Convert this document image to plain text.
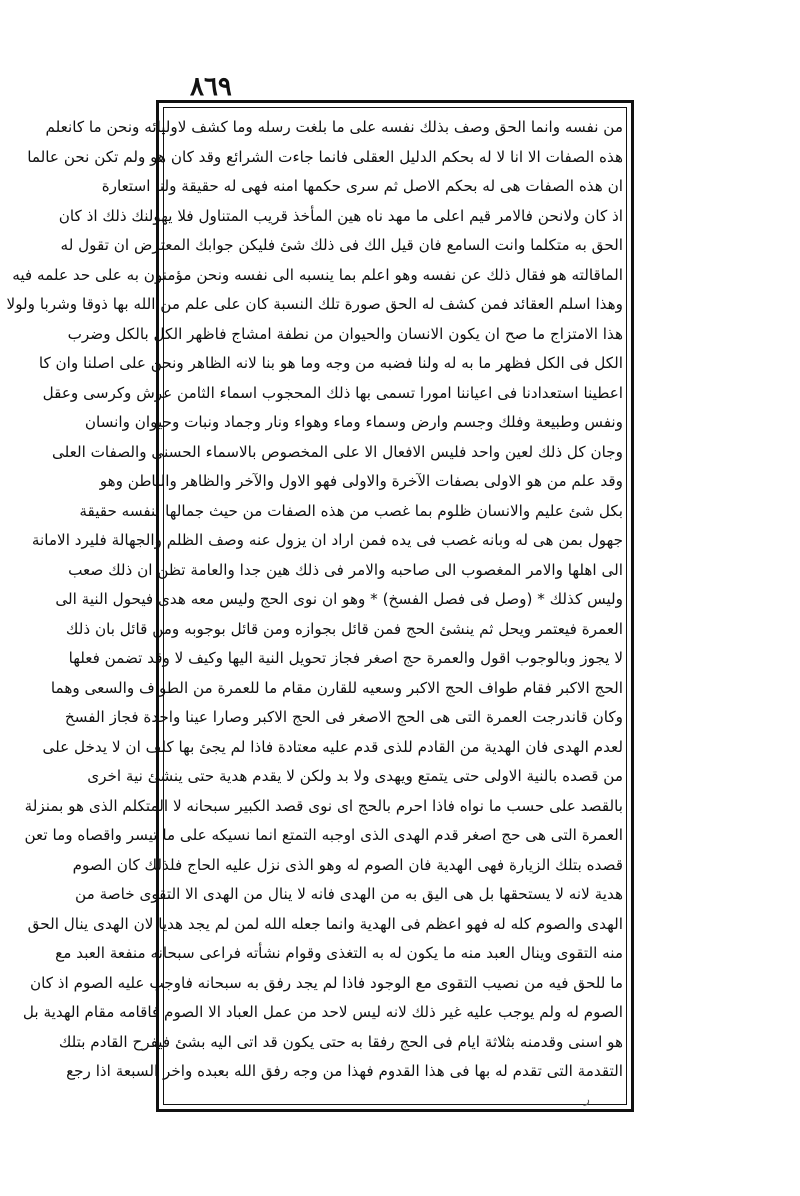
٨٦٩
من نفسه وانما الحق وصف بذلك نفسه على ما بلغت رسله وما كشف لاوليائه ونحن ما كانعلم
هذه الصفات الا انا لا له بحكم الدليل العقلى فانما جاءت الشرائع وقد كان هو ولم تكن نحن عالما
ان هذه الصفات هى له بحكم الاصل ثم سرى حكمها امنه فهى له حقيقة ولنا استعارة
اذ كان ولانحن فالامر قيم اعلى ما مهد ناه هين المأخذ قريب المتناول فلا يهولنك ذلك اذ كان
الحق به متكلما وانت السامع فان قيل الك فى ذلك شئ فليكن جوابك المعترض ان تقول له
الماقالته هو فقال ذلك عن نفسه وهو اعلم بما ينسبه الى نفسه ونحن مؤمنون به على حد علمه فيه
وهذا اسلم العقائد فمن كشف له الحق صورة تلك النسبة كان على علم من الله بها ذوقا وشربا ولولا
هذا الامتزاج ما صح ان يكون الانسان والحيوان من نطفة امشاج فاظهر الكل بالكل وضرب
الكل فى الكل فظهر ما به له ولنا فضبه من وجه وما هو بنا لانه الظاهر ونحن على اصلنا وان كا
اعطينا استعدادنا فى اعياننا امورا تسمى بها ذلك المحجوب اسماء الثامن عرش وكرسى وعقل
ونفس وطبيعة وفلك وجسم وارض وسماء وماء وهواء ونار وجماد ونبات وحيوان وانسان
وجان كل ذلك لعين واحد فليس الافعال الا على المخصوص بالاسماء الحسنى والصفات العلى
وقد علم من هو الاولى بصفات الآخرة والاولى فهو الاول والآخر والظاهر والباطن وهو
بكل شئ عليم والانسان ظلوم بما غصب من هذه الصفات من حيث جمالها لنفسه حقيقة
جهول بمن هى له وبانه غصب فى يده فمن اراد ان يزول عنه وصف الظلم والجهالة فليرد الامانة
الى اهلها والامر المغصوب الى صاحبه والامر فى ذلك هين جدا والعامة تظن ان ذلك صعب
وليس كذلك * (وصل فى فصل الفسخ) * وهو ان نوى الحج وليس معه هدى فيحول النية الى
العمرة فيعتمر ويحل ثم ينشئ الحج فمن قائل بجوازه ومن قائل بوجوبه ومن قائل بان ذلك
لا يجوز وبالوجوب اقول والعمرة حج اصغر فجاز تحويل النية اليها وكيف لا وقد تضمن فعلها
الحج الاكبر فقام طواف الحج الاكبر وسعيه للقارن مقام ما للعمرة من الطواف والسعى وهما
وكان قاندرجت العمرة التى هى الحج الاصغر فى الحج الاكبر وصارا عينا واحدة فجاز الفسخ
لعدم الهدى فان الهدية من القادم للذى قدم عليه معتادة فاذا لم يجئ بها كلف ان لا يدخل على
من قصده بالنية الاولى حتى يتمتع ويهدى ولا بد ولكن لا يقدم هدية حتى ينشئ نية اخرى
بالقصد على حسب ما نواه فاذا احرم بالحج اى نوى قصد الكبير سبحانه لا المتكلم الذى هو بمنزلة
العمرة التى هى حج اصغر قدم الهدى الذى اوجبه التمتع انما نسيكه على ما تيسر واقصاه وما تعن
قصده بتلك الزيارة فهى الهدية فان الصوم له وهو الذى نزل عليه الحاج فلذلك كان الصوم
هدية لانه لا يستحقها بل هى اليق به من الهدى فانه لا ينال من الهدى الا التقوى خاصة من
الهدى والصوم كله له فهو اعظم فى الهدية وانما جعله الله لمن لم يجد هديا لان الهدى ينال الحق
منه التقوى وينال العبد منه ما يكون له به التغذى وقوام نشأته فراعى سبحانه منفعة العبد مع
ما للحق فيه من نصيب التقوى مع الوجود فاذا لم يجد رفق به سبحانه فاوجب عليه الصوم اذ كان
الصوم له ولم يوجب عليه غير ذلك لانه ليس لاحد من عمل العباد الا الصوم فاقامه مقام الهدية بل
هو اسنى وقدمنه بثلاثة ايام فى الحج رفقا به حتى يكون قد اتى اليه بشئ فيفرح القادم بتلك
التقدمة التى تقدم له بها فى هذا القدوم فهذا من وجه رفق الله بعبده واخر السبعة اذا رجع
ر
